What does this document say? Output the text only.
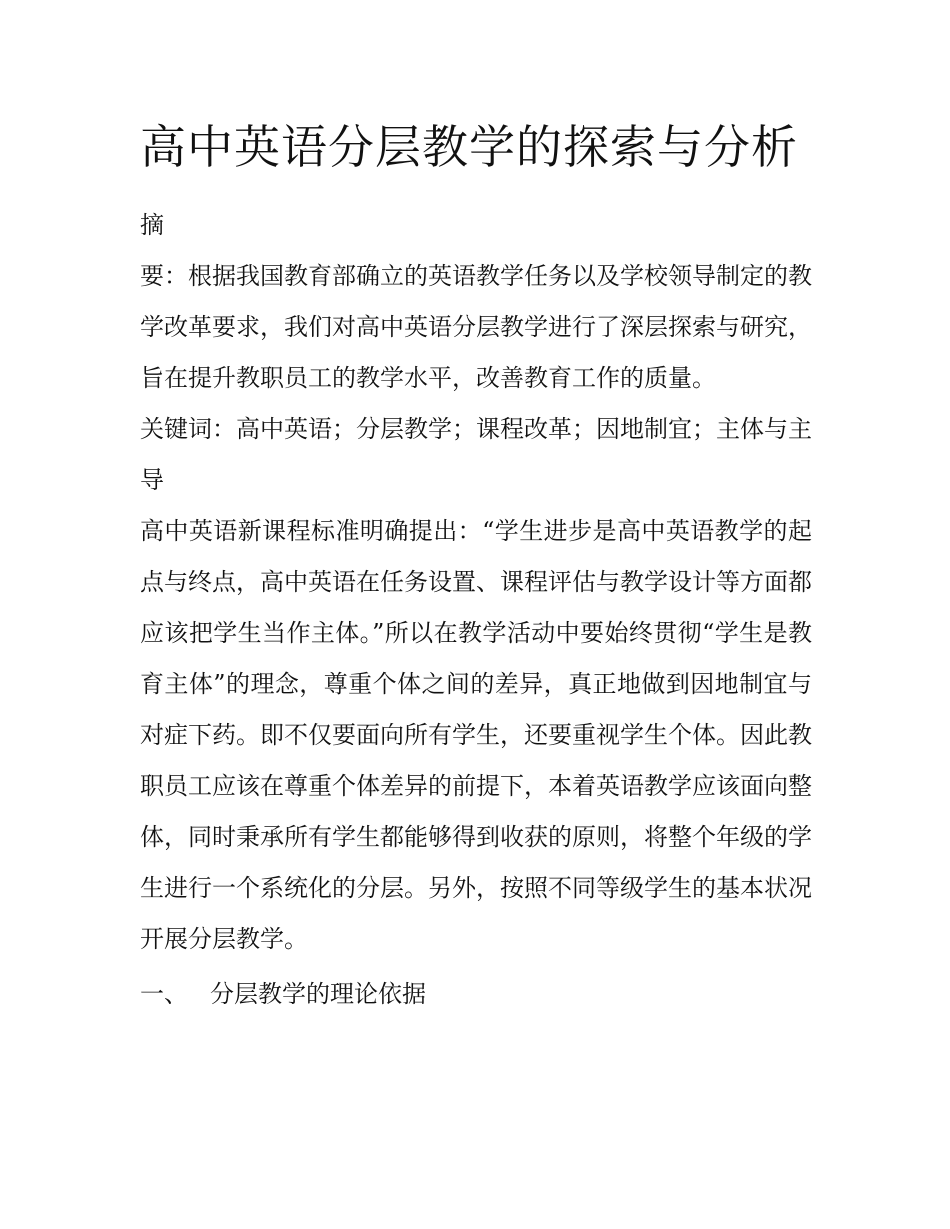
高中英语分层教学的探索与分析

摘

要：根据我国教育部确立的英语教学任务以及学校领导制定的教学改革要求，我们对高中英语分层教学进行了深层探索与研究，旨在提升教职员工的教学水平，改善教育工作的质量。

关键词：高中英语；分层教学；课程改革；因地制宜；主体与主导

高中英语新课程标准明确提出：“学生进步是高中英语教学的起点与终点，高中英语在任务设置、课程评估与教学设计等方面都应该把学生当作主体。”所以在教学活动中要始终贯彻“学生是教育主体”的理念，尊重个体之间的差异，真正地做到因地制宜与对症下药。即不仅要面向所有学生，还要重视学生个体。因此教职员工应该在尊重个体差异的前提下，本着英语教学应该面向整体，同时秉承所有学生都能够得到收获的原则，将整个年级的学生进行一个系统化的分层。另外，按照不同等级学生的基本状况开展分层教学。

一、 分层教学的理论依据
